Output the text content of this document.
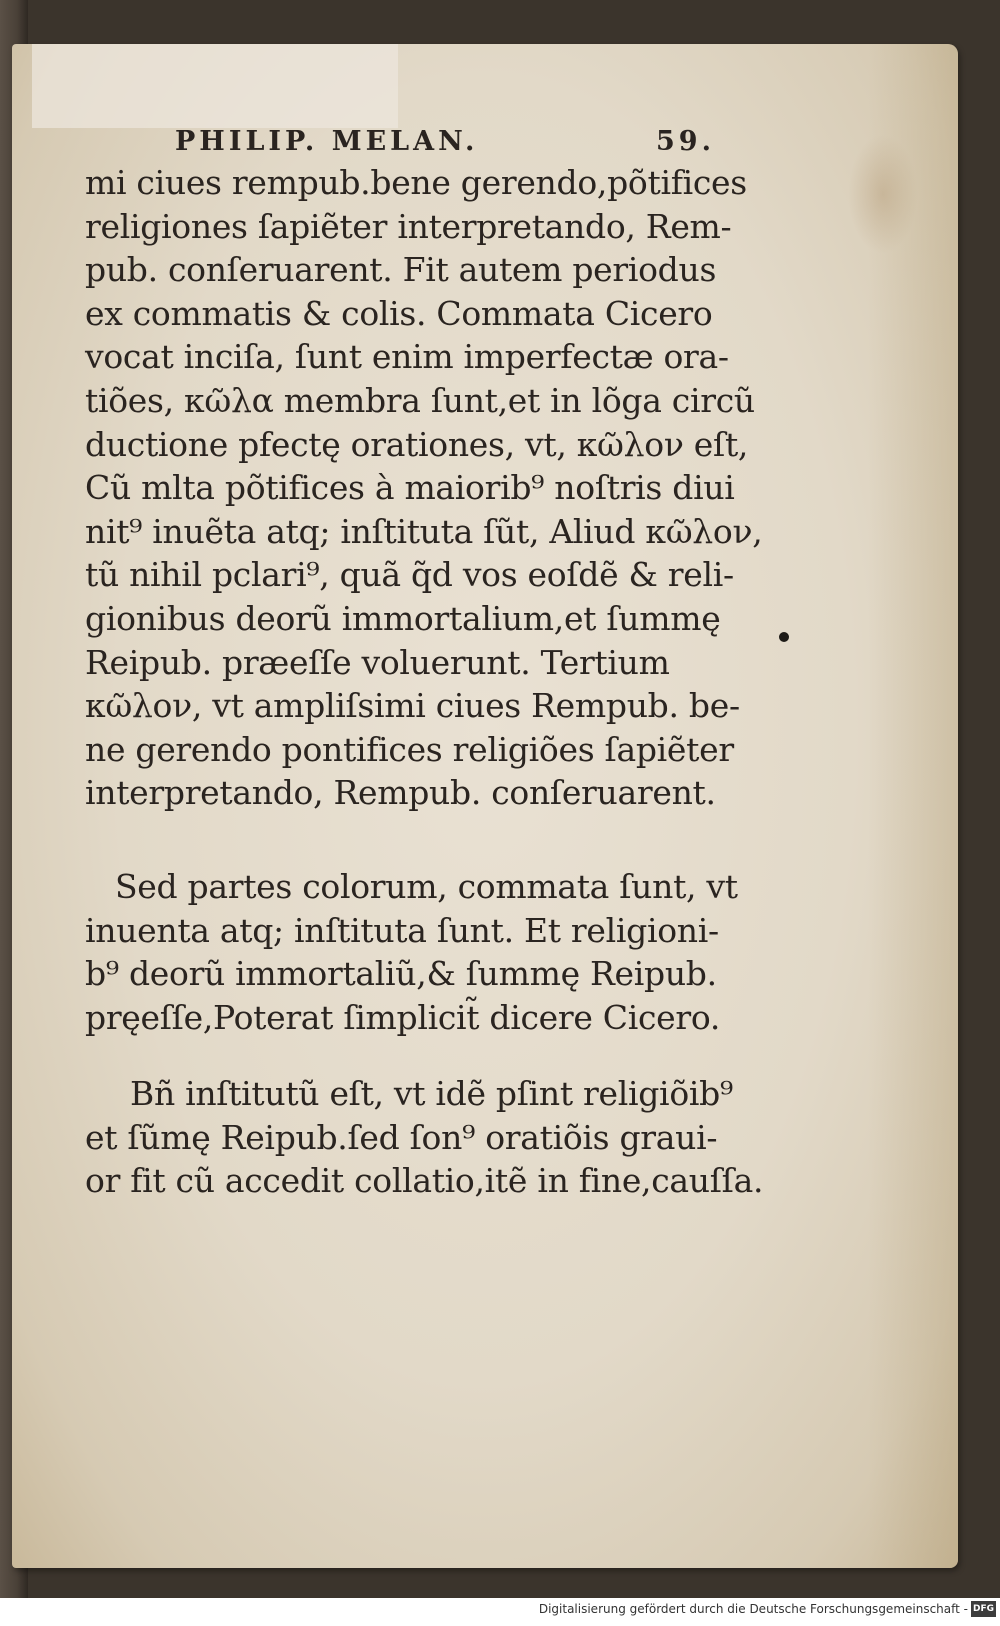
PHILIP. MELAN.	59.
mi ciues rempub.bene gerendo,põtifices
religiones ſapiẽter interpretando, Rem-
pub. conſeruarent. Fit autem periodus
ex commatis & colis. Commata Cicero
vocat inciſa, ſunt enim imperfectæ ora-
tiões, κῶλα membra ſunt,et in lõga circũ
ductione pfectę orationes, vt, κῶλον eſt,
Cũ mlta põtifices à maiorib⁹ noſtris diui
nit⁹ inuẽta atq; inſtituta ſũt, Aliud κῶλον,
tũ nihil pclari⁹, quã q̃d vos eoſdẽ & reli-
gionibus deorũ immortalium,et ſummę
Reipub. præeſſe voluerunt. Tertium
κῶλον, vt ampliſsimi ciues Rempub. be-
ne gerendo pontifices religiões ſapiẽter
interpretando, Rempub. conſeruarent.
Sed partes colorum, commata ſunt, vt
inuenta atq; inſtituta ſunt. Et religioni-
b⁹ deorũ immortaliũ,& ſummę Reipub.
pręeſſe,Poterat ſimplicit̃ dicere Cicero.
Bñ inſtitutũ eſt, vt idẽ pſint religiõib⁹
et ſũmę Reipub.ſed ſon⁹ oratiõis graui-
or fit cũ accedit collatio,itẽ in fine,cauſſa.
Digitalisierung gefördert durch die Deutsche Forschungsgemeinschaft - DFG
